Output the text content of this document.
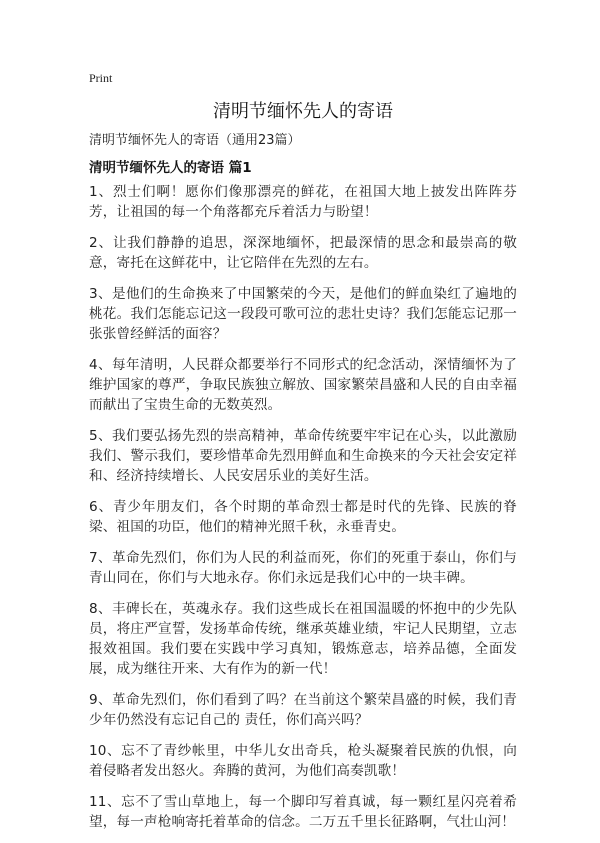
Print
清明节缅怀先人的寄语
清明节缅怀先人的寄语（通用23篇）
清明节缅怀先人的寄语 篇1

1、烈士们啊！愿你们像那漂亮的鲜花，在祖国大地上披发出阵阵芬芳，让祖国的每一个角落都充斥着活力与盼望！

2、让我们静静的追思，深深地缅怀，把最深情的思念和最崇高的敬意，寄托在这鲜花中，让它陪伴在先烈的左右。

3、是他们的生命换来了中国繁荣的今天，是他们的鲜血染红了遍地的桃花。我们怎能忘记这一段段可歌可泣的悲壮史诗？我们怎能忘记那一张张曾经鲜活的面容？

4、每年清明，人民群众都要举行不同形式的纪念活动，深情缅怀为了维护国家的尊严，争取民族独立解放、国家繁荣昌盛和人民的自由幸福而献出了宝贵生命的无数英烈。

5、我们要弘扬先烈的崇高精神，革命传统要牢牢记在心头，以此激励我们、警示我们，要珍惜革命先烈用鲜血和生命换来的今天社会安定祥和、经济持续增长、人民安居乐业的美好生活。

6、青少年朋友们，各个时期的革命烈士都是时代的先锋、民族的脊梁、祖国的功臣，他们的精神光照千秋，永垂青史。

7、革命先烈们，你们为人民的利益而死，你们的死重于泰山，你们与青山同在，你们与大地永存。你们永远是我们心中的一块丰碑。

8、丰碑长在，英魂永存。我们这些成长在祖国温暖的怀抱中的少先队员，将庄严宣誓，发扬革命传统，继承英雄业绩，牢记人民期望，立志报效祖国。我们要在实践中学习真知，锻炼意志，培养品德，全面发展，成为继往开来、大有作为的新一代！

9、革命先烈们，你们看到了吗？在当前这个繁荣昌盛的时候，我们青少年仍然没有忘记自己的 责任，你们高兴吗？

10、忘不了青纱帐里，中华儿女出奇兵，枪头凝聚着民族的仇恨，向着侵略者发出怒火。奔腾的黄河，为他们高奏凯歌！

11、忘不了雪山草地上，每一个脚印写着真诚，每一颗红星闪亮着希望，每一声枪响寄托着革命的信念。二万五千里长征路啊，气壮山河！
